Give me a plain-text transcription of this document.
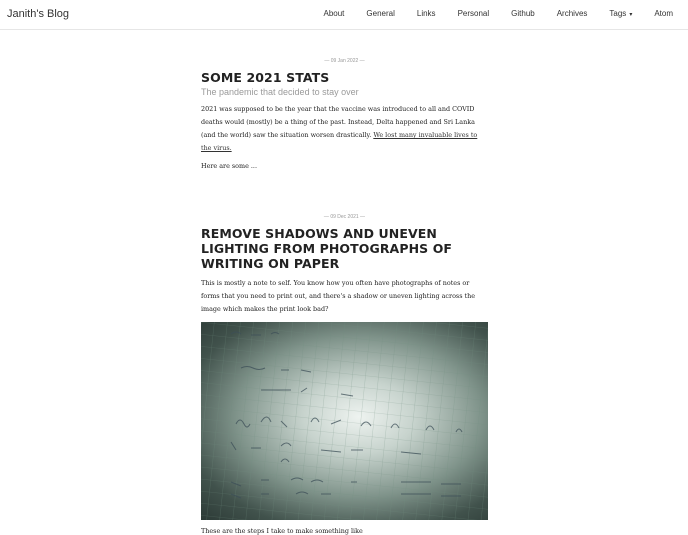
Janith's Blog	About	General	Links	Personal	Github	Archives	Tags ▾	Atom
— 09 Jan 2022 —
SOME 2021 STATS
The pandemic that decided to stay over

2021 was supposed to be the year that the vaccine was introduced to all and COVID deaths would (mostly) be a thing of the past. Instead, Delta happened and Sri Lanka (and the world) saw the situation worsen drastically. We lost many invaluable lives to the virus.

Here are some ...

— 09 Dec 2021 —
REMOVE SHADOWS AND UNEVEN LIGHTING FROM PHOTOGRAPHS OF WRITING ON PAPER

This is mostly a note to self. You know how you often have photographs of notes or forms that you need to print out, and there's a shadow or uneven lighting across the image which makes the print look bad?

These are the steps I take to make something like
